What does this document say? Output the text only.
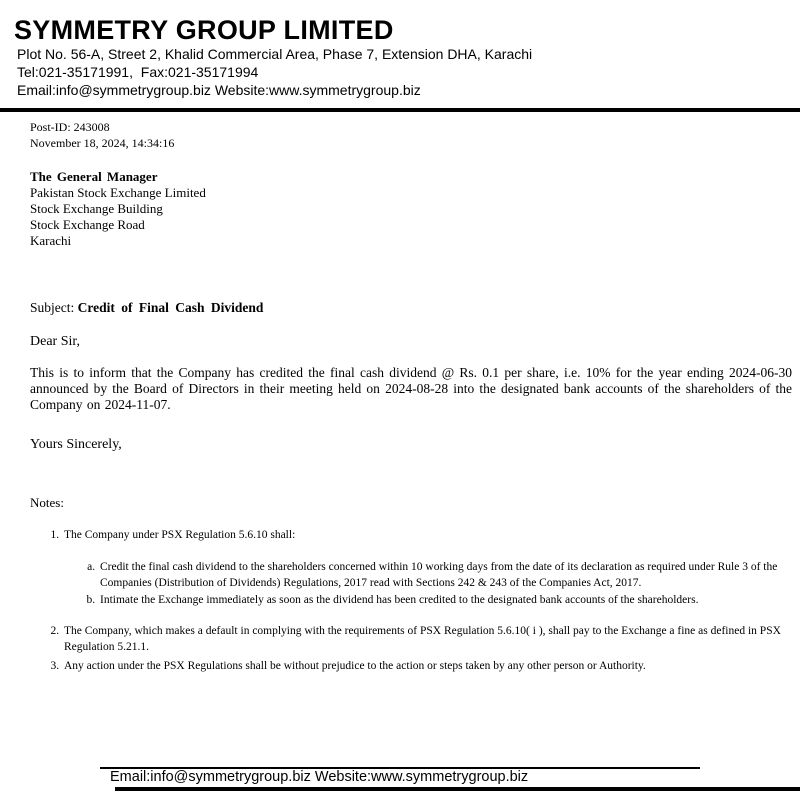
SYMMETRY GROUP LIMITED
Plot No. 56-A, Street 2, Khalid Commercial Area, Phase 7, Extension DHA, Karachi
Tel:021-35171991,  Fax:021-35171994
Email:info@symmetrygroup.biz Website:www.symmetrygroup.biz
Post-ID: 243008
November 18, 2024, 14:34:16
The General Manager
Pakistan Stock Exchange Limited
Stock Exchange Building
Stock Exchange Road
Karachi
Subject: Credit of Final Cash Dividend
Dear Sir,

This is to inform that the Company has credited the final cash dividend @ Rs. 0.1 per share, i.e. 10% for the year ending 2024-06-30 announced by the Board of Directors in their meeting held on 2024-08-28 into the designated bank accounts of the shareholders of the Company on 2024-11-07.

Yours Sincerely,
Notes:
1. The Company under PSX Regulation 5.6.10 shall:
a. Credit the final cash dividend to the shareholders concerned within 10 working days from the date of its declaration as required under Rule 3 of the Companies (Distribution of Dividends) Regulations, 2017 read with Sections 242 & 243 of the Companies Act, 2017.
b. Intimate the Exchange immediately as soon as the dividend has been credited to the designated bank accounts of the shareholders.
2. The Company, which makes a default in complying with the requirements of PSX Regulation 5.6.10( i ), shall pay to the Exchange a fine as defined in PSX Regulation 5.21.1.
3. Any action under the PSX Regulations shall be without prejudice to the action or steps taken by any other person or Authority.
Email:info@symmetrygroup.biz Website:www.symmetrygroup.biz
